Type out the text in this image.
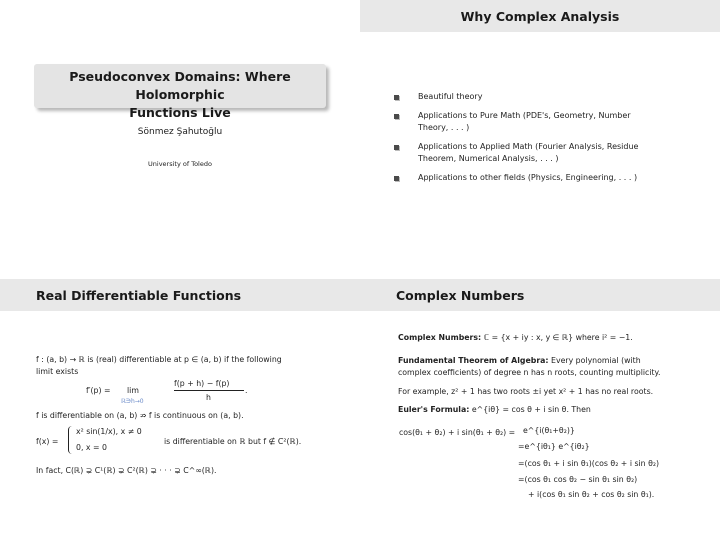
Pseudoconvex Domains: Where Holomorphic
Functions Live
Sönmez Şahutoğlu
University of Toledo
Why Complex Analysis
Beautiful theory
Applications to Pure Math (PDE's, Geometry, Number
Theory, . . . )
Applications to Applied Math (Fourier Analysis, Residue
Theorem, Numerical Analysis, . . . )
Applications to other fields (Physics, Engineering, . . . )
Real Differentiable Functions
f : (a, b) → ℝ is (real) differentiable at p ∈ (a, b) if the following
limit exists
f′(p) = lim
ℝ∋h→0
f(p + h) − f(p)
h
.
f is differentiable on (a, b) ⇏ f is continuous on (a, b).
f(x) =
x² sin(1/x), x ≠ 0
0, x = 0
is differentiable on ℝ but f ∉ C²(ℝ).
In fact, C(ℝ) ⊋ C¹(ℝ) ⊋ C²(ℝ) ⊋ · · · ⊋ C^∞(ℝ).
Complex Numbers
Complex Numbers: ℂ = {x + iy : x, y ∈ ℝ} where i² = −1.
Fundamental Theorem of Algebra: Every polynomial (with
complex coefficients) of degree n has n roots, counting multiplicity.
For example, z² + 1 has two roots ±i yet x² + 1 has no real roots.
Euler's Formula: e^{iθ} = cos θ + i sin θ. Then
cos(θ₁ + θ₂) + i sin(θ₁ + θ₂) = e^{i(θ₁+θ₂)}
=e^{iθ₁} e^{iθ₂}
=(cos θ₁ + i sin θ₁)(cos θ₂ + i sin θ₂)
=(cos θ₁ cos θ₂ − sin θ₁ sin θ₂)
+ i(cos θ₁ sin θ₂ + cos θ₂ sin θ₁).
